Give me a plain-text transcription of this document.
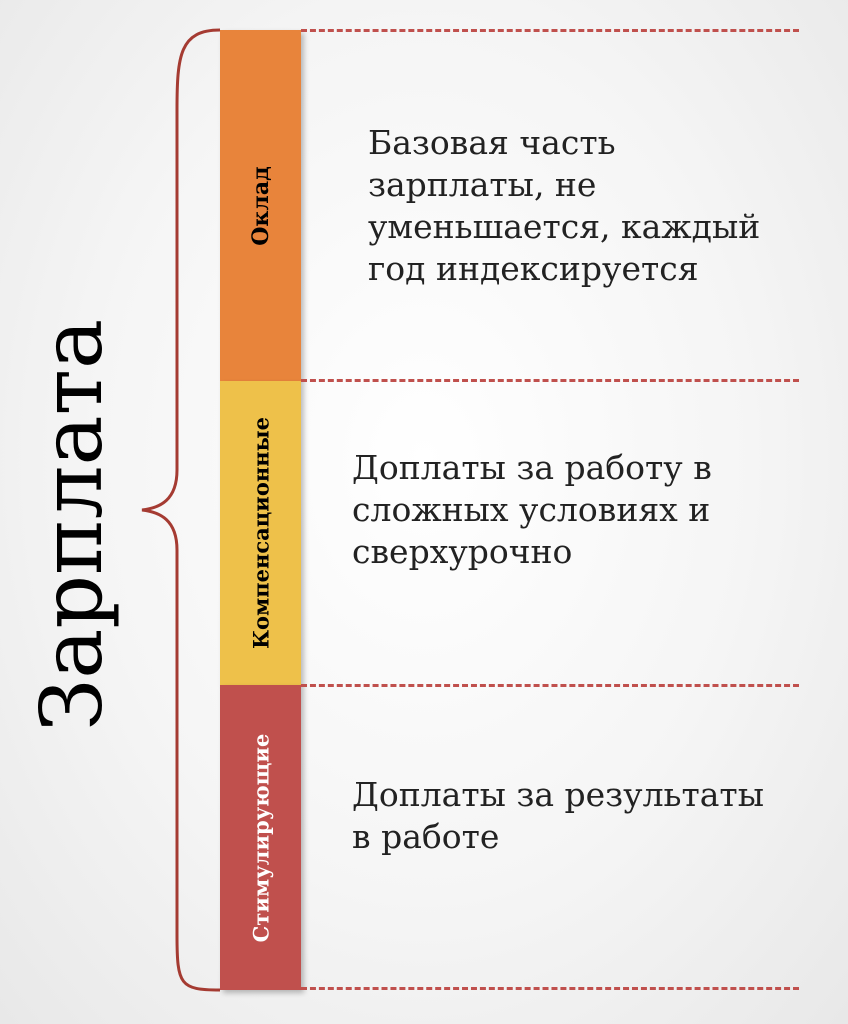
Зарплата
Оклад
Компенсационные
Стимулирующие
Базовая часть
зарплаты, не
уменьшается, каждый
год индексируется
Доплаты за работу в
сложных условиях и
сверхурочно
Доплаты за результаты
в работе
